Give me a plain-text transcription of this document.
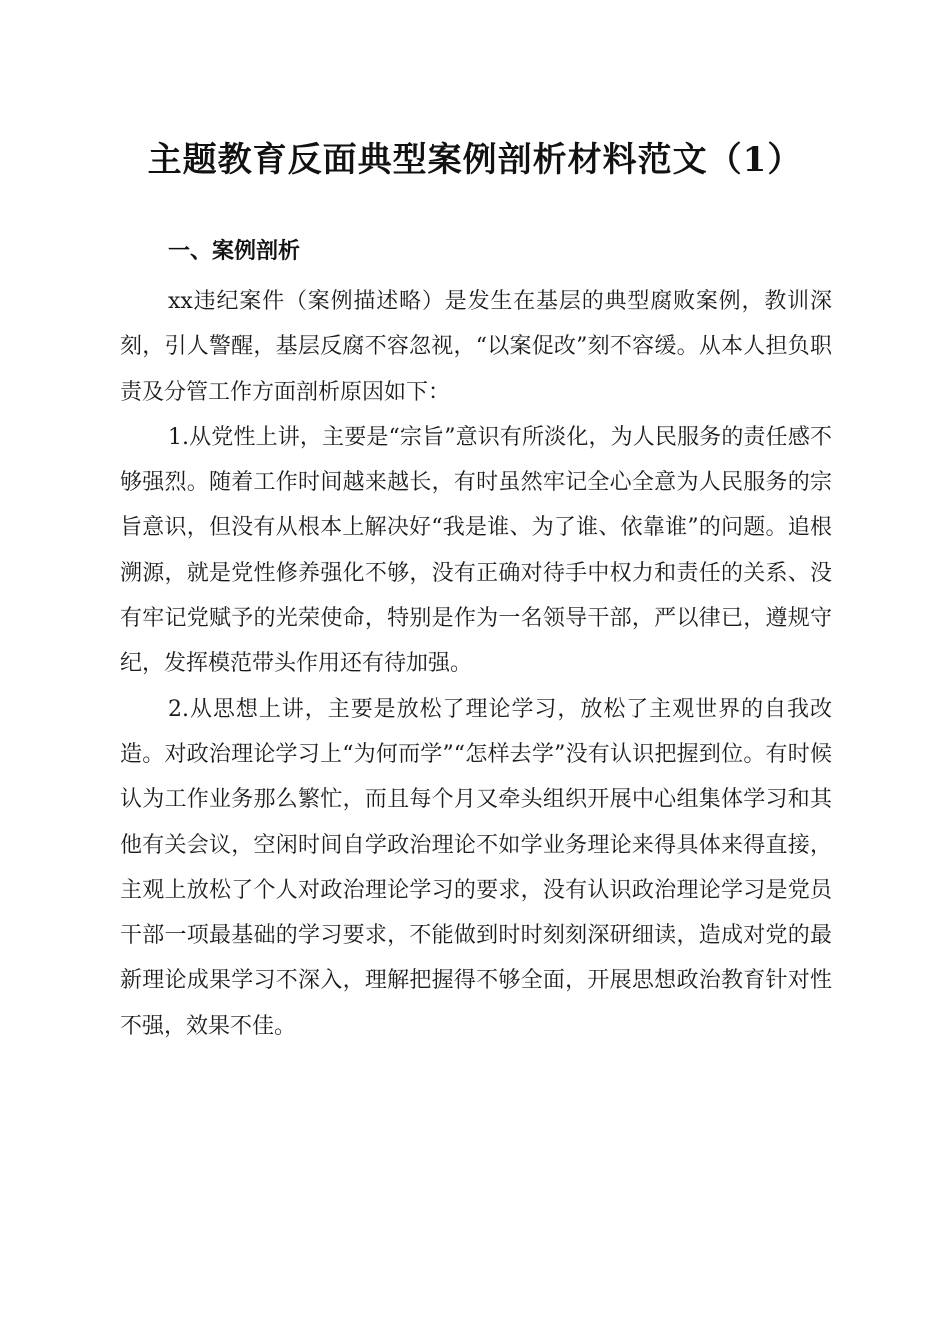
主题教育反面典型案例剖析材料范文（1）
一、案例剖析

xx违纪案件（案例描述略）是发生在基层的典型腐败案例，教训深刻，引人警醒，基层反腐不容忽视，“以案促改”刻不容缓。从本人担负职责及分管工作方面剖析原因如下：

1.从党性上讲，主要是“宗旨”意识有所淡化，为人民服务的责任感不够强烈。随着工作时间越来越长，有时虽然牢记全心全意为人民服务的宗旨意识，但没有从根本上解决好“我是谁、为了谁、依靠谁”的问题。追根溯源，就是党性修养强化不够，没有正确对待手中权力和责任的关系、没有牢记党赋予的光荣使命，特别是作为一名领导干部，严以律已，遵规守纪，发挥模范带头作用还有待加强。

2.从思想上讲，主要是放松了理论学习，放松了主观世界的自我改造。对政治理论学习上“为何而学”“怎样去学”没有认识把握到位。有时候认为工作业务那么繁忙，而且每个月又牵头组织开展中心组集体学习和其他有关会议，空闲时间自学政治理论不如学业务理论来得具体来得直接，主观上放松了个人对政治理论学习的要求，没有认识政治理论学习是党员干部一项最基础的学习要求，不能做到时时刻刻深研细读，造成对党的最新理论成果学习不深入，理解把握得不够全面，开展思想政治教育针对性不强，效果不佳。
